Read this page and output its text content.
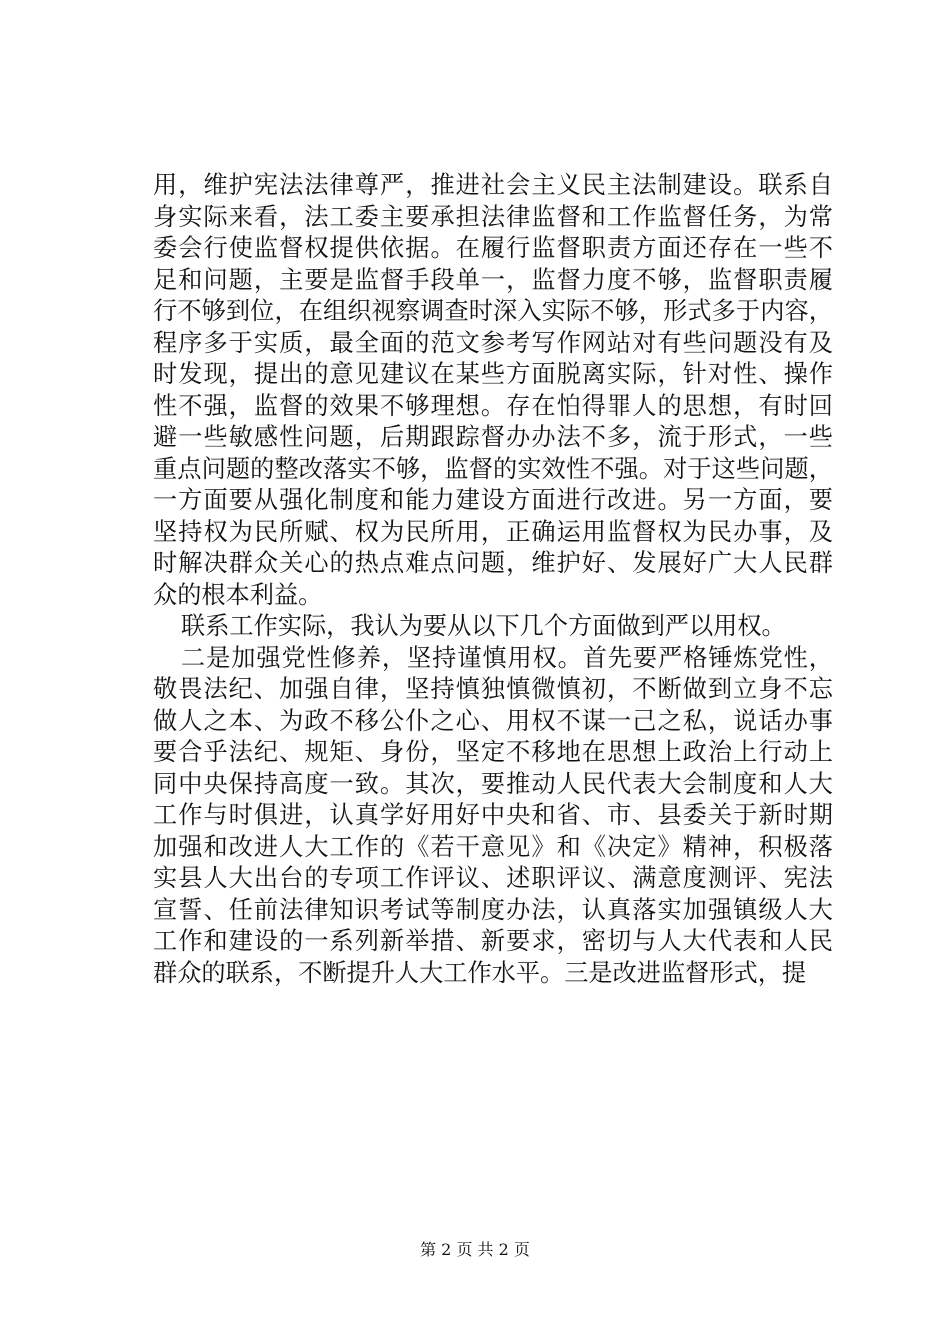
用，维护宪法法律尊严，推进社会主义民主法制建设。联系自
身实际来看，法工委主要承担法律监督和工作监督任务，为常
委会行使监督权提供依据。在履行监督职责方面还存在一些不
足和问题，主要是监督手段单一，监督力度不够，监督职责履
行不够到位，在组织视察调查时深入实际不够，形式多于内容，
程序多于实质，最全面的范文参考写作网站对有些问题没有及
时发现，提出的意见建议在某些方面脱离实际，针对性、操作
性不强，监督的效果不够理想。存在怕得罪人的思想，有时回
避一些敏感性问题，后期跟踪督办办法不多，流于形式，一些
重点问题的整改落实不够，监督的实效性不强。对于这些问题，
一方面要从强化制度和能力建设方面进行改进。另一方面，要
坚持权为民所赋、权为民所用，正确运用监督权为民办事，及
时解决群众关心的热点难点问题，维护好、发展好广大人民群
众的根本利益。
联系工作实际，我认为要从以下几个方面做到严以用权。
二是加强党性修养，坚持谨慎用权。首先要严格锤炼党性，
敬畏法纪、加强自律，坚持慎独慎微慎初，不断做到立身不忘
做人之本、为政不移公仆之心、用权不谋一己之私，说话办事
要合乎法纪、规矩、身份，坚定不移地在思想上政治上行动上
同中央保持高度一致。其次，要推动人民代表大会制度和人大
工作与时俱进，认真学好用好中央和省、市、县委关于新时期
加强和改进人大工作的《若干意见》和《决定》精神，积极落
实县人大出台的专项工作评议、述职评议、满意度测评、宪法
宣誓、任前法律知识考试等制度办法，认真落实加强镇级人大
工作和建设的一系列新举措、新要求，密切与人大代表和人民
群众的联系，不断提升人大工作水平。三是改进监督形式，提
第 2 页 共 2 页
